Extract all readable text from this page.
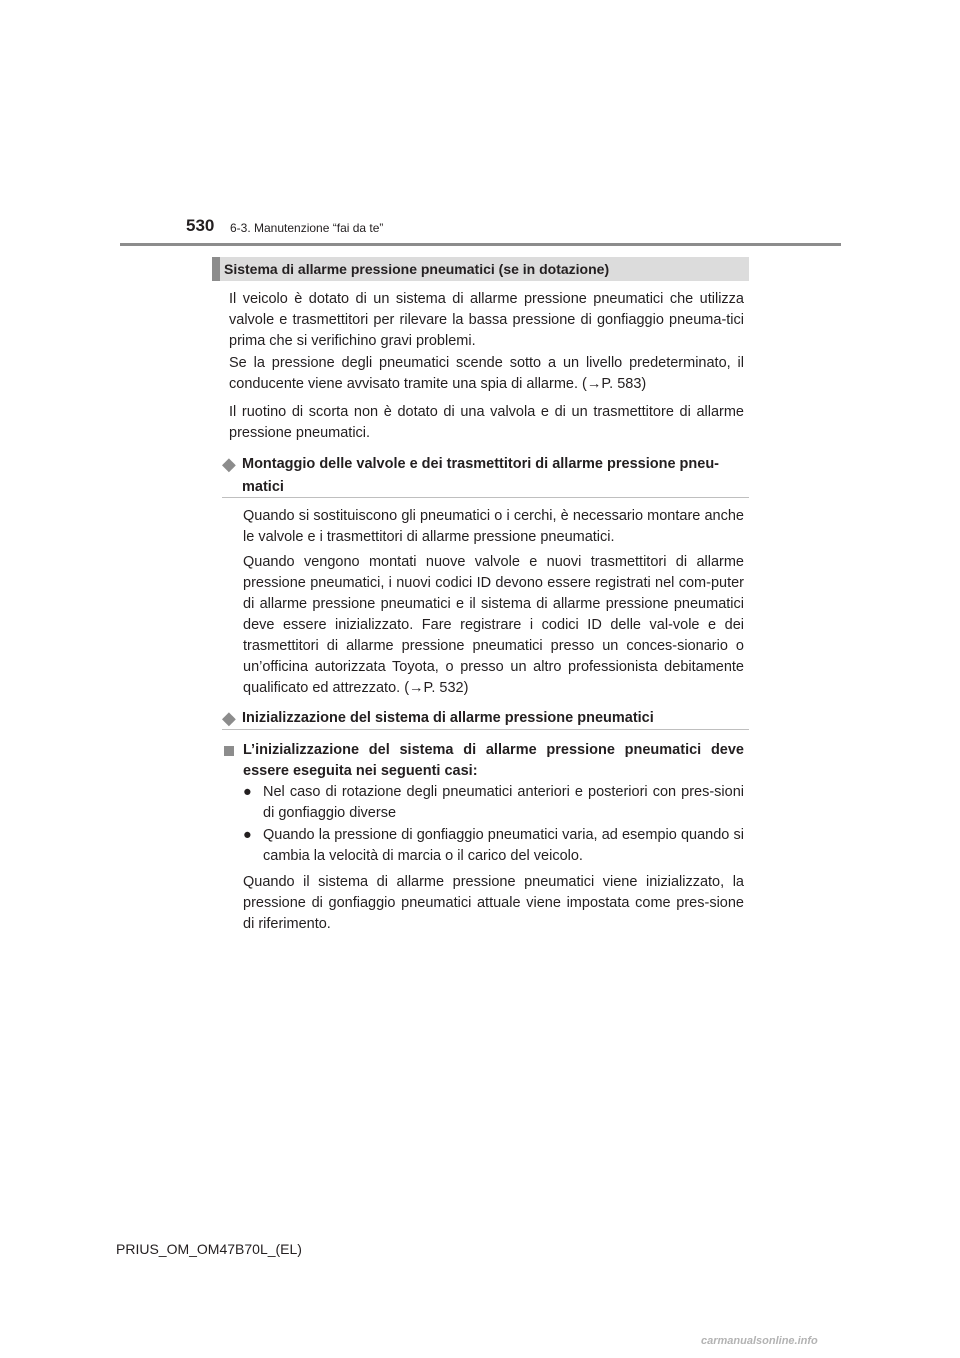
530 6-3. Manutenzione “fai da te”
Sistema di allarme pressione pneumatici (se in dotazione)

Il veicolo è dotato di un sistema di allarme pressione pneumatici che utilizza valvole e trasmettitori per rilevare la bassa pressione di gonfiaggio pneuma-tici prima che si verifichino gravi problemi.

Se la pressione degli pneumatici scende sotto a un livello predeterminato, il conducente viene avvisato tramite una spia di allarme. (→P. 583)

Il ruotino di scorta non è dotato di una valvola e di un trasmettitore di allarme pressione pneumatici.

◆ Montaggio delle valvole e dei trasmettitori di allarme pressione pneu-matici

Quando si sostituiscono gli pneumatici o i cerchi, è necessario montare anche le valvole e i trasmettitori di allarme pressione pneumatici.

Quando vengono montati nuove valvole e nuovi trasmettitori di allarme pressione pneumatici, i nuovi codici ID devono essere registrati nel com-puter di allarme pressione pneumatici e il sistema di allarme pressione pneumatici deve essere inizializzato. Fare registrare i codici ID delle val-vole e dei trasmettitori di allarme pressione pneumatici presso un conces-sionario o un’officina autorizzata Toyota, o presso un altro professionista debitamente qualificato ed attrezzato. (→P. 532)

◆ Inizializzazione del sistema di allarme pressione pneumatici
L’inizializzazione del sistema di allarme pressione pneumatici deve essere eseguita nei seguenti casi:
● Nel caso di rotazione degli pneumatici anteriori e posteriori con pres-sioni di gonfiaggio diverse

● Quando la pressione di gonfiaggio pneumatici varia, ad esempio quando si cambia la velocità di marcia o il carico del veicolo.

Quando il sistema di allarme pressione pneumatici viene inizializzato, la pressione di gonfiaggio pneumatici attuale viene impostata come pres-sione di riferimento.

PRIUS_OM_OM47B70L_(EL)
carmanualsonline.info
